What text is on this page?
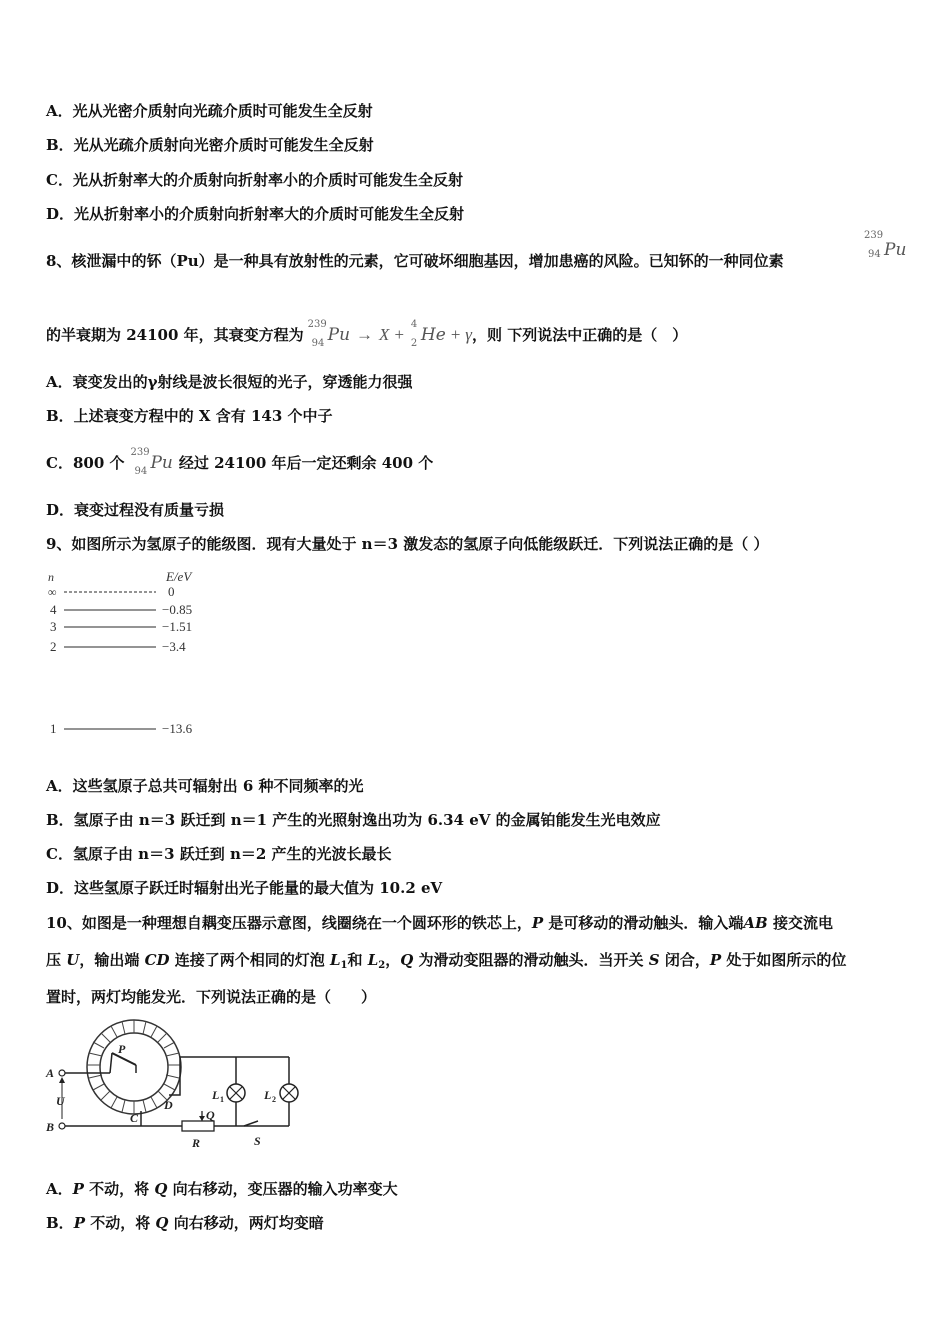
A．光从光密介质射向光疏介质时可能发生全反射
B．光从光疏介质射向光密介质时可能发生全反射
C．光从折射率大的介质射向折射率小的介质时可能发生全反射
D．光从折射率小的介质射向折射率大的介质时可能发生全反射
8、核泄漏中的钚（Pu）是一种具有放射性的元素，它可破坏细胞基因，增加患癌的风险。已知钚的一种同位素
239
94 Pu
的半衰期为 24100 年，其衰变方程为
239
94 Pu → X +
4
2 He + γ，则 下列说法中正确的是（　）
A．衰变发出的γ射线是波长很短的光子，穿透能力很强
B．上述衰变方程中的 X 含有 143 个中子
C．800 个
239
94 Pu 经过 24100 年后一定还剩余 400 个
D．衰变过程没有质量亏损
9、如图所示为氢原子的能级图．现有大量处于 n＝3 激发态的氢原子向低能级跃迁．下列说法正确的是（ ）
n	E/eV
∞	0
4	−0.85
3	−1.51
2	−3.4
1	−13.6
A．这些氢原子总共可辐射出 6 种不同频率的光
B．氢原子由 n＝3 跃迁到 n＝1 产生的光照射逸出功为 6.34 eV 的金属铂能发生光电效应
C．氢原子由 n＝3 跃迁到 n＝2 产生的光波长最长
D．这些氢原子跃迁时辐射出光子能量的最大值为 10.2 eV
10、如图是一种理想自耦变压器示意图，线圈绕在一个圆环形的铁芯上，P 是可移动的滑动触头．输入端AB 接交流电
压 U，输出端 CD 连接了两个相同的灯泡 $L_1$和 $L_2$，Q 为滑动变阻器的滑动触头．当开关 S 闭合，P 处于如图所示的位
置时，两灯均能发光．下列说法正确的是（　　）
P
A
B
U
C
D
Q
R	S
L 1	L 2
A．P 不动，将 Q 向右移动，变压器的输入功率变大
B．P 不动，将 Q 向右移动，两灯均变暗
